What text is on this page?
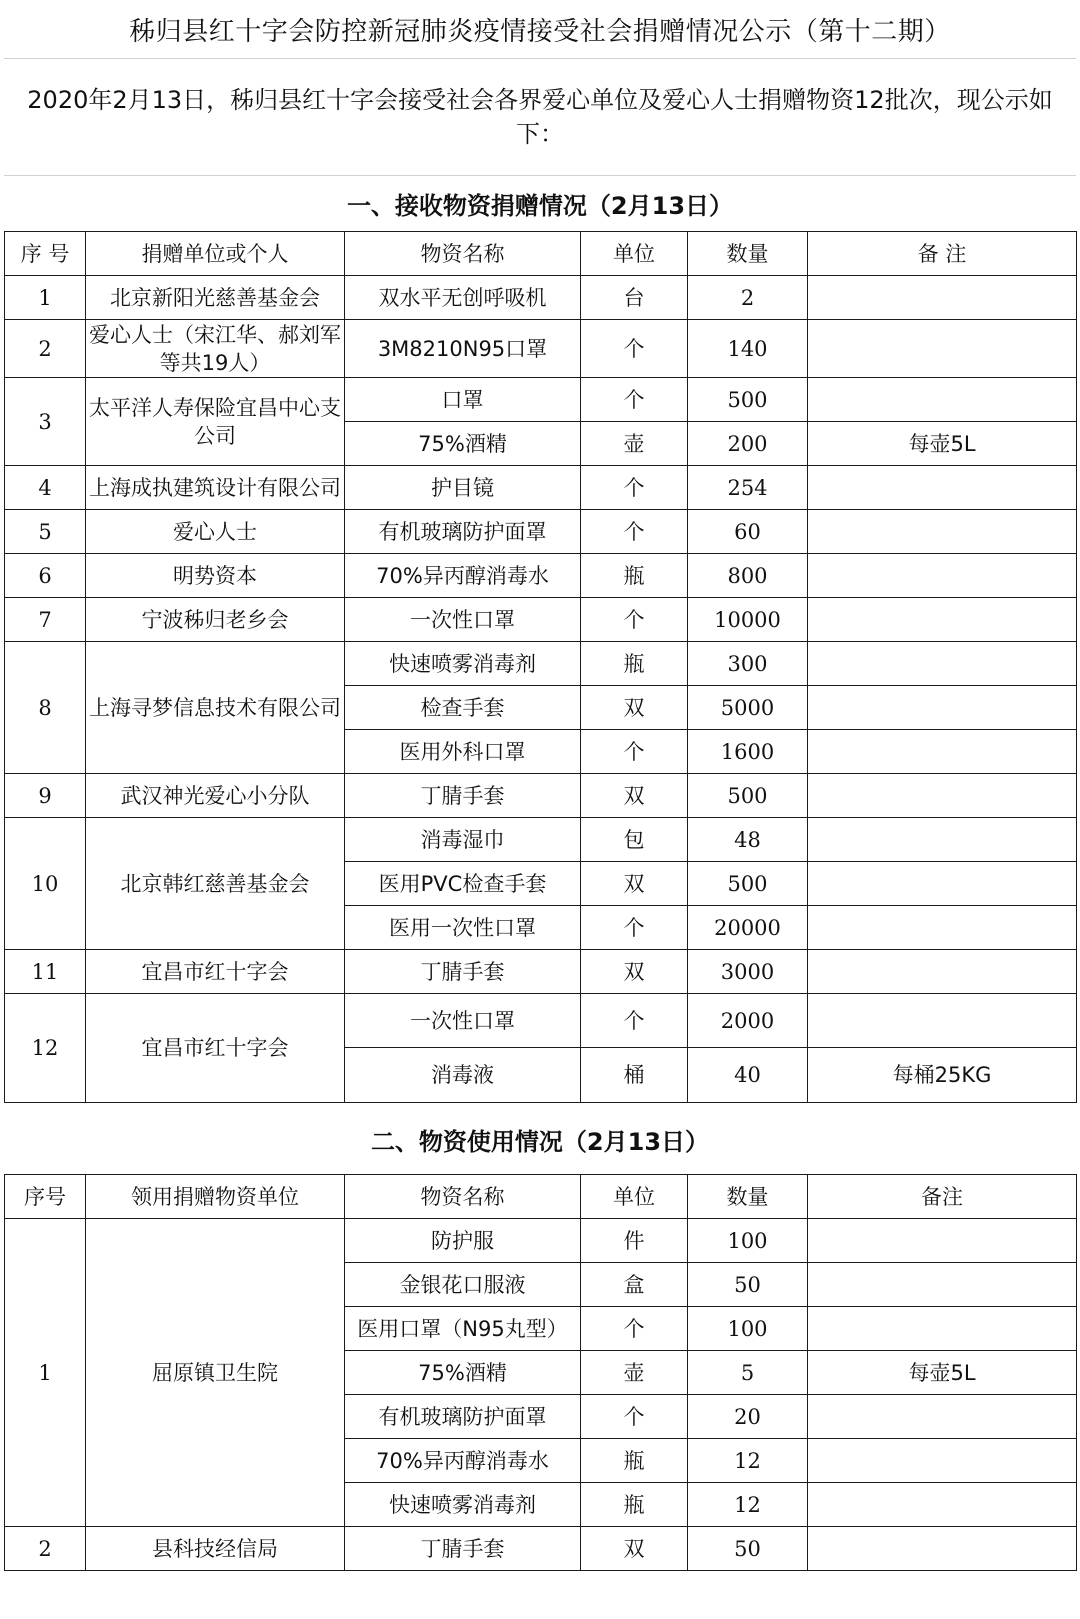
秭归县红十字会防控新冠肺炎疫情接受社会捐赠情况公示（第十二期）
2020年2月13日，秭归县红十字会接受社会各界爱心单位及爱心人士捐赠物资12批次，现公示如下：
一、接收物资捐赠情况（2月13日）
序 号	捐赠单位或个人	物资名称	单位	数量	备 注
1	北京新阳光慈善基金会	双水平无创呼吸机	台	2	
2	爱心人士（宋江华、郝刘军等共19人）	3M8210N95口罩	个	140	
3	太平洋人寿保险宜昌中心支公司	口罩	个	500	
		75%酒精	壶	200	每壶5L
4	上海成执建筑设计有限公司	护目镜	个	254	
5	爱心人士	有机玻璃防护面罩	个	60	
6	明势资本	70%异丙醇消毒水	瓶	800	
7	宁波秭归老乡会	一次性口罩	个	10000	
8	上海寻梦信息技术有限公司	快速喷雾消毒剂	瓶	300	
		检查手套	双	5000	
		医用外科口罩	个	1600	
9	武汉神光爱心小分队	丁腈手套	双	500	
10	北京韩红慈善基金会	消毒湿巾	包	48	
		医用PVC检查手套	双	500	
		医用一次性口罩	个	20000	
11	宜昌市红十字会	丁腈手套	双	3000	
12	宜昌市红十字会	一次性口罩	个	2000	
		消毒液	桶	40	每桶25KG
二、物资使用情况（2月13日）
序号	领用捐赠物资单位	物资名称	单位	数量	备注
1	屈原镇卫生院	防护服	件	100	
		金银花口服液	盒	50	
		医用口罩（N95丸型）	个	100	
		75%酒精	壶	5	每壶5L
		有机玻璃防护面罩	个	20	
		70%异丙醇消毒水	瓶	12	
		快速喷雾消毒剂	瓶	12	
2	县科技经信局	丁腈手套	双	50	
